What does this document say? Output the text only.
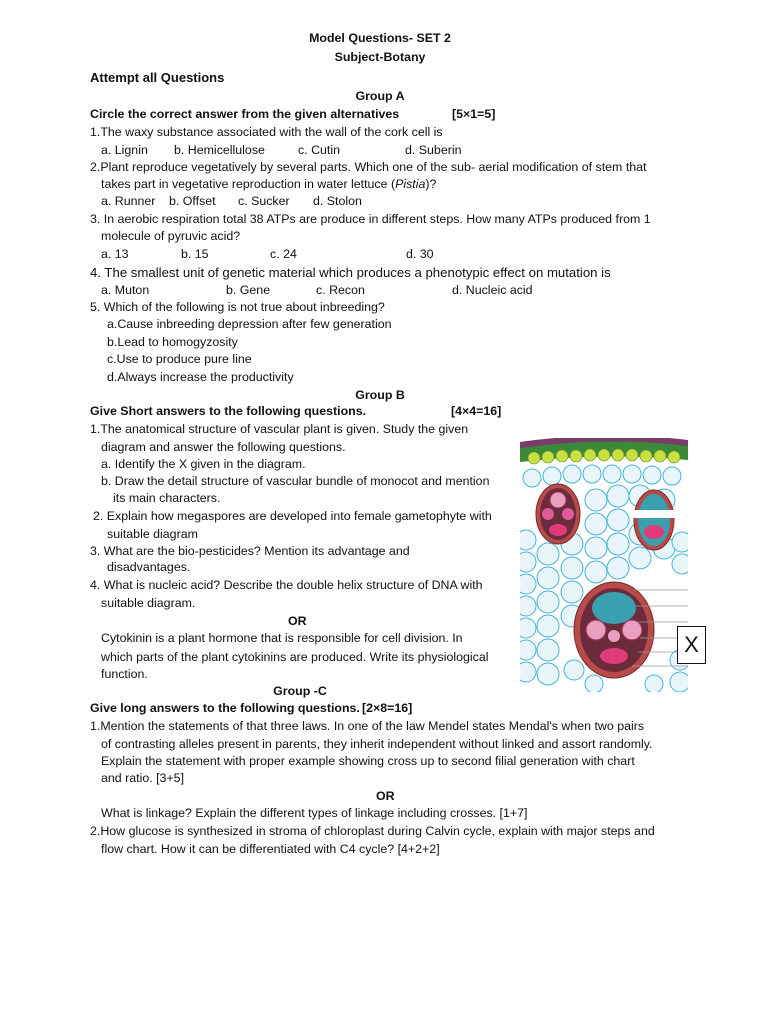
Model Questions- SET 2
Subject-Botany
Attempt all Questions
Group A
Circle the correct answer from the given alternatives	[5×1=5]
1.The waxy substance associated with the wall of the cork cell is
a. Lignin b. Hemicellulose	c. Cutin	d. Suberin
2.Plant reproduce vegetatively by several parts. Which one of the sub- aerial modification of stem that
takes part in vegetative reproduction in water lettuce (Pistia)?
a. Runner b. Offset c. Sucker d. Stolon
3. In aerobic respiration total 38 ATPs are produce in different steps. How many ATPs produced from 1
molecule of pyruvic acid?
a. 13	b. 15	c. 24	d. 30
4. The smallest unit of genetic material which produces a phenotypic effect on mutation is
a. Muton	b. Gene	c. Recon	d. Nucleic acid
5. Which of the following is not true about inbreeding?
a.Cause inbreeding depression after few generation
b.Lead to homogyzosity
c.Use to produce pure line
d.Always increase the productivity
Group B
Give Short answers to the following questions.	[4×4=16]
1.The anatomical structure of vascular plant is given. Study the given
diagram and answer the following questions.
a. Identify the X given in the diagram.
b. Draw the detail structure of vascular bundle of monocot and mention
its main characters.
2. Explain how megaspores are developed into female gametophyte with
suitable diagram
3. What are the bio-pesticides? Mention its advantage and
disadvantages.
4. What is nucleic acid? Describe the double helix structure of DNA with
suitable diagram.
OR
Cytokinin is a plant hormone that is responsible for cell division. In
which parts of the plant cytokinins are produced. Write its physiological
function.
X
Group -C
Give long answers to the following questions. [2×8=16]
1.Mention the statements of that three laws. In one of the law Mendel states Mendal's when two pairs
of contrasting alleles present in parents, they inherit independent without linked and assort randomly.
Explain the statement with proper example showing cross up to second filial generation with chart
and ratio. [3+5]
OR
What is linkage? Explain the different types of linkage including crosses. [1+7]
2.How glucose is synthesized in stroma of chloroplast during Calvin cycle, explain with major steps and
flow chart. How it can be differentiated with C4 cycle? [4+2+2]
